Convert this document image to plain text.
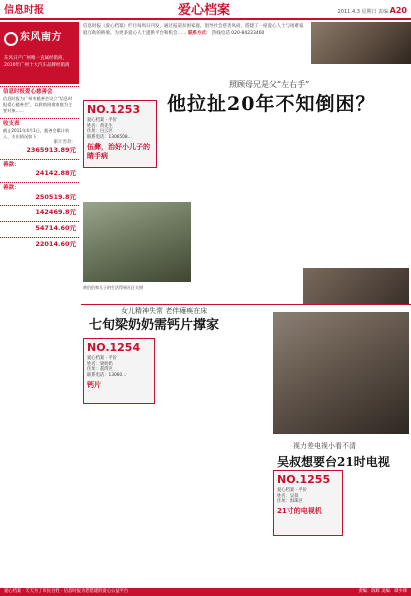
信息时报	爱心档案	2011.4.3 星期日 责编 A20
东风南方
东风日产广州唯一直属经销商，2010年广州十大汽车品牌经销商
信息时报爱心慈善会
信息时报为广州市慈善会设立“信息时报爱心慈善会”，以救助困难家庭为主要对象……
收支表
截止2011年4月1日，慈善会累计收入、支出情况如下：
累计善款：
2365913.89元
善款：
24142.88元
善款：
250519.8元
142469.8元
54714.60元
22014.60元
信息时报《爱心档案》栏目每周日刊发，通过报道贫困家庭，倡导社会慈善风尚，搭建了一座爱心人士与困难家庭互助的桥梁。为更多爱心人士提供平台和机会…… 联系方式： 热线电话 020-84223460
照顾母兄是父“左右手”
他拉扯20年不知倒困？
NO.1253
爱心档案 · 平价
姓名：黄先生
住址：白云区
联系电话：1306508...
伍彝，治好小儿子的睛手病
黄伯伯和儿子的生活得到社区关照
女儿精神失常 老伴瘫痪在床
七旬梁奶奶需钙片撑家
NO.1254
爱心档案 · 平价
姓名：梁奶奶
住址：荔湾区
联系电话：13060...
钙片
视力差电视小看不清
吴叔想要台21时电视
NO.1255
爱心档案 · 平价
姓名：吴叔
住址：海珠区
21寸的电视机
爱心档案 · 天天为了市民百姓 · 信息时报为您搭建的爱心公益平台	责编：陈辉 美编：谭少锋
